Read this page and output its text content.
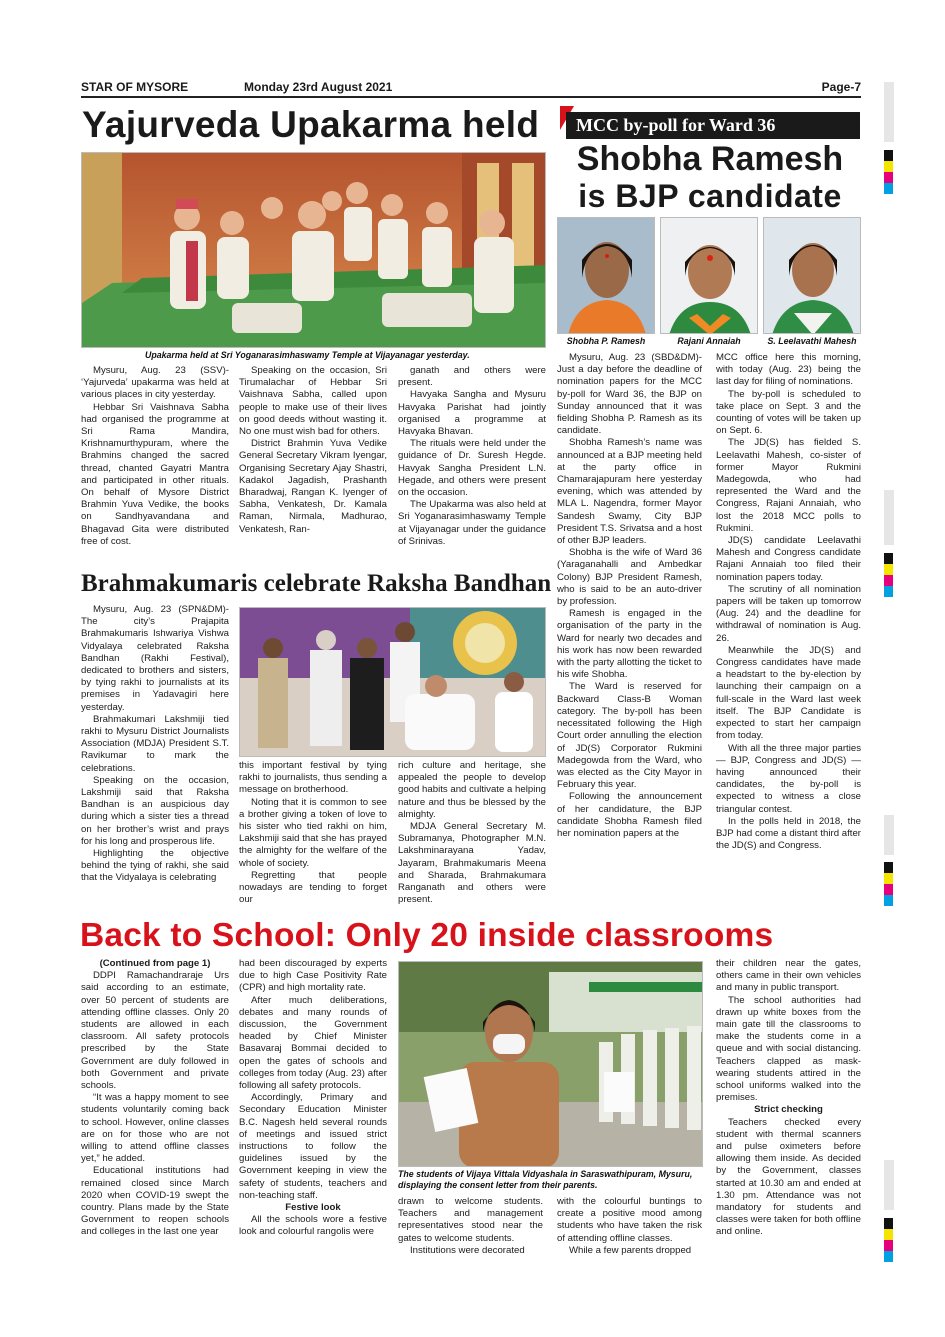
STAR OF MYSORE	Monday 23rd August 2021	Page-7
Yajurveda Upakarma held
Upakarma held at Sri Yoganarasimhaswamy Temple at Vijayanagar yesterday.

Mysuru, Aug. 23 (SSV)- ‘Yajurveda’ upakarma was held at various places in city yesterday.

Hebbar Sri Vaishnava Sabha had organised the programme at Sri Rama Mandira, Krishnamurthypuram, where the Brahmins changed the sacred thread, chanted Gayatri Mantra and participated in other rituals. On behalf of Mysore District Brahmin Yuva Vedike, the books on Sandhyavandana and Bhagavad Gita were distributed free of cost.

Speaking on the occasion, Sri Tirumalachar of Hebbar Sri Vaishnava Sabha, called upon people to make use of their lives on good deeds without wasting it. No one must wish bad for others.

District Brahmin Yuva Vedike General Secretary Vikram Iyengar, Organising Secretary Ajay Shastri, Kadakol Jagadish, Prashanth Bharadwaj, Rangan K. Iyenger of Sabha, Venkatesh, Dr. Kamala Raman, Nirmala, Madhurao, Venkatesh, Ran-

ganath and others were present.

Havyaka Sangha and Mysuru Havyaka Parishat had jointly organised a programme at Havyaka Bhavan.

The rituals were held under the guidance of Dr. Suresh Hegde. Havyak Sangha President L.N. Hegade, and others were present on the occasion.

The Upakarma was also held at Sri Yoganarasimhaswamy Temple at Vijayanagar under the guidance of Srinivas.

MCC by-poll for Ward 36
Shobha Ramesh
is BJP candidate
Shobha P. Ramesh	Rajani Annaiah	S. Leelavathi Mahesh

Mysuru, Aug. 23 (SBD&DM)- Just a day before the deadline of nomination papers for the MCC by-poll for Ward 36, the BJP on Sunday announced that it was fielding Shobha P. Ramesh as its candidate.

Shobha Ramesh’s name was announced at a BJP meeting held at the party office in Chamarajapuram here yesterday evening, which was attended by MLA L. Nagendra, former Mayor Sandesh Swamy, City BJP President T.S. Srivatsa and a host of other BJP leaders.

Shobha is the wife of Ward 36 (Yaraganahalli and Ambedkar Colony) BJP President Ramesh, who is said to be an auto-driver by profession.

Ramesh is engaged in the organisation of the party in the Ward for nearly two decades and his work has now been rewarded with the party allotting the ticket to his wife Shobha.

The Ward is reserved for Backward Class-B Woman category. The by-poll has been necessitated following the High Court order annulling the election of JD(S) Corporator Rukmini Madegowda from the Ward, who was elected as the City Mayor in February this year.

Following the announcement of her candidature, the BJP candidate Shobha Ramesh filed her nomination papers at the

MCC office here this morning, with today (Aug. 23) being the last day for filing of nominations.

The by-poll is scheduled to take place on Sept. 3 and the counting of votes will be taken up on Sept. 6.

The JD(S) has fielded S. Leelavathi Mahesh, co-sister of former Mayor Rukmini Madegowda, who had represented the Ward and the Congress, Rajani Annaiah, who lost the 2018 MCC polls to Rukmini.

JD(S) candidate Leelavathi Mahesh and Congress candidate Rajani Annaiah too filed their nomination papers today.

The scrutiny of all nomination papers will be taken up tomorrow (Aug. 24) and the deadline for withdrawal of nomination is Aug. 26.

Meanwhile the JD(S) and Congress candidates have made a headstart to the by-election by launching their campaign on a full-scale in the Ward last week itself. The BJP Candidate is expected to start her campaign from today.

With all the three major parties — BJP, Congress and JD(S) — having announced their candidates, the by-poll is expected to witness a close triangular contest.

In the polls held in 2018, the BJP had come a distant third after the JD(S) and Congress.

Brahmakumaris celebrate Raksha Bandhan

Mysuru, Aug. 23 (SPN&DM)- The city’s Prajapita Brahmakumaris Ishwariya Vishwa Vidyalaya celebrated Raksha Bandhan (Rakhi Festival), dedicated to brothers and sisters, by tying rakhi to journalists at its premises in Yadavagiri here yesterday.

Brahmakumari Lakshmiji tied rakhi to Mysuru District Journalists Association (MDJA) President S.T. Ravikumar to mark the celebrations.

Speaking on the occasion, Lakshmiji said that Raksha Bandhan is an auspicious day during which a sister ties a thread on her brother’s wrist and prays for his long and prosperous life.

Highlighting the objective behind the tying of rakhi, she said that the Vidyalaya is celebrating

this important festival by tying rakhi to journalists, thus sending a message on brotherhood.

Noting that it is common to see a brother giving a token of love to his sister who tied rakhi on him, Lakshmiji said that she has prayed the almighty for the welfare of the whole of society.

Regretting that people nowadays are tending to forget our

rich culture and heritage, she appealed the people to develop good habits and cultivate a helping nature and thus be blessed by the almighty.

MDJA General Secretary M. Subramanya, Photographer M.N. Lakshminarayana Yadav, Jayaram, Brahmakumaris Meena and Sharada, Brahmakumara Ranganath and others were present.

Back to School: Only 20 inside classrooms
The students of Vijaya Vittala Vidyashala in Saraswathipuram, Mysuru, displaying the consent letter from their parents.

(Continued from page 1)

DDPI Ramachandraraje Urs said according to an estimate, over 50 percent of students are attending offline classes. Only 20 students are allowed in each classroom. All safety protocols prescribed by the State Government are duly followed in both Government and private schools.

“It was a happy moment to see students voluntarily coming back to school. However, online classes are on for those who are not willing to attend offline classes yet,” he added.

Educational institutions had remained closed since March 2020 when COVID-19 swept the country. Plans made by the State Government to reopen schools and colleges in the last one year

had been discouraged by experts due to high Case Positivity Rate (CPR) and high mortality rate.

After much deliberations, debates and many rounds of discussion, the Government headed by Chief Minister Basavaraj Bommai decided to open the gates of schools and colleges from today (Aug. 23) after following all safety protocols.

Accordingly, Primary and Secondary Education Minister B.C. Nagesh held several rounds of meetings and issued strict instructions to follow the guidelines issued by the Government keeping in view the safety of students, teachers and non-teaching staff.

Festive look

All the schools wore a festive look and colourful rangolis were

drawn to welcome students. Teachers and management representatives stood near the gates to welcome students.

Institutions were decorated

with the colourful buntings to create a positive mood among students who have taken the risk of attending offline classes.

While a few parents dropped

their children near the gates, others came in their own vehicles and many in public transport.

The school authorities had drawn up white boxes from the main gate till the classrooms to make the students come in a queue and with social distancing. Teachers clapped as mask-wearing students attired in the school uniforms walked into the premises.

Strict checking

Teachers checked every student with thermal scanners and pulse oximeters before allowing them inside. As decided by the Government, classes started at 10.30 am and ended at 1.30 pm. Attendance was not mandatory for students and classes were taken for both offline and online.
